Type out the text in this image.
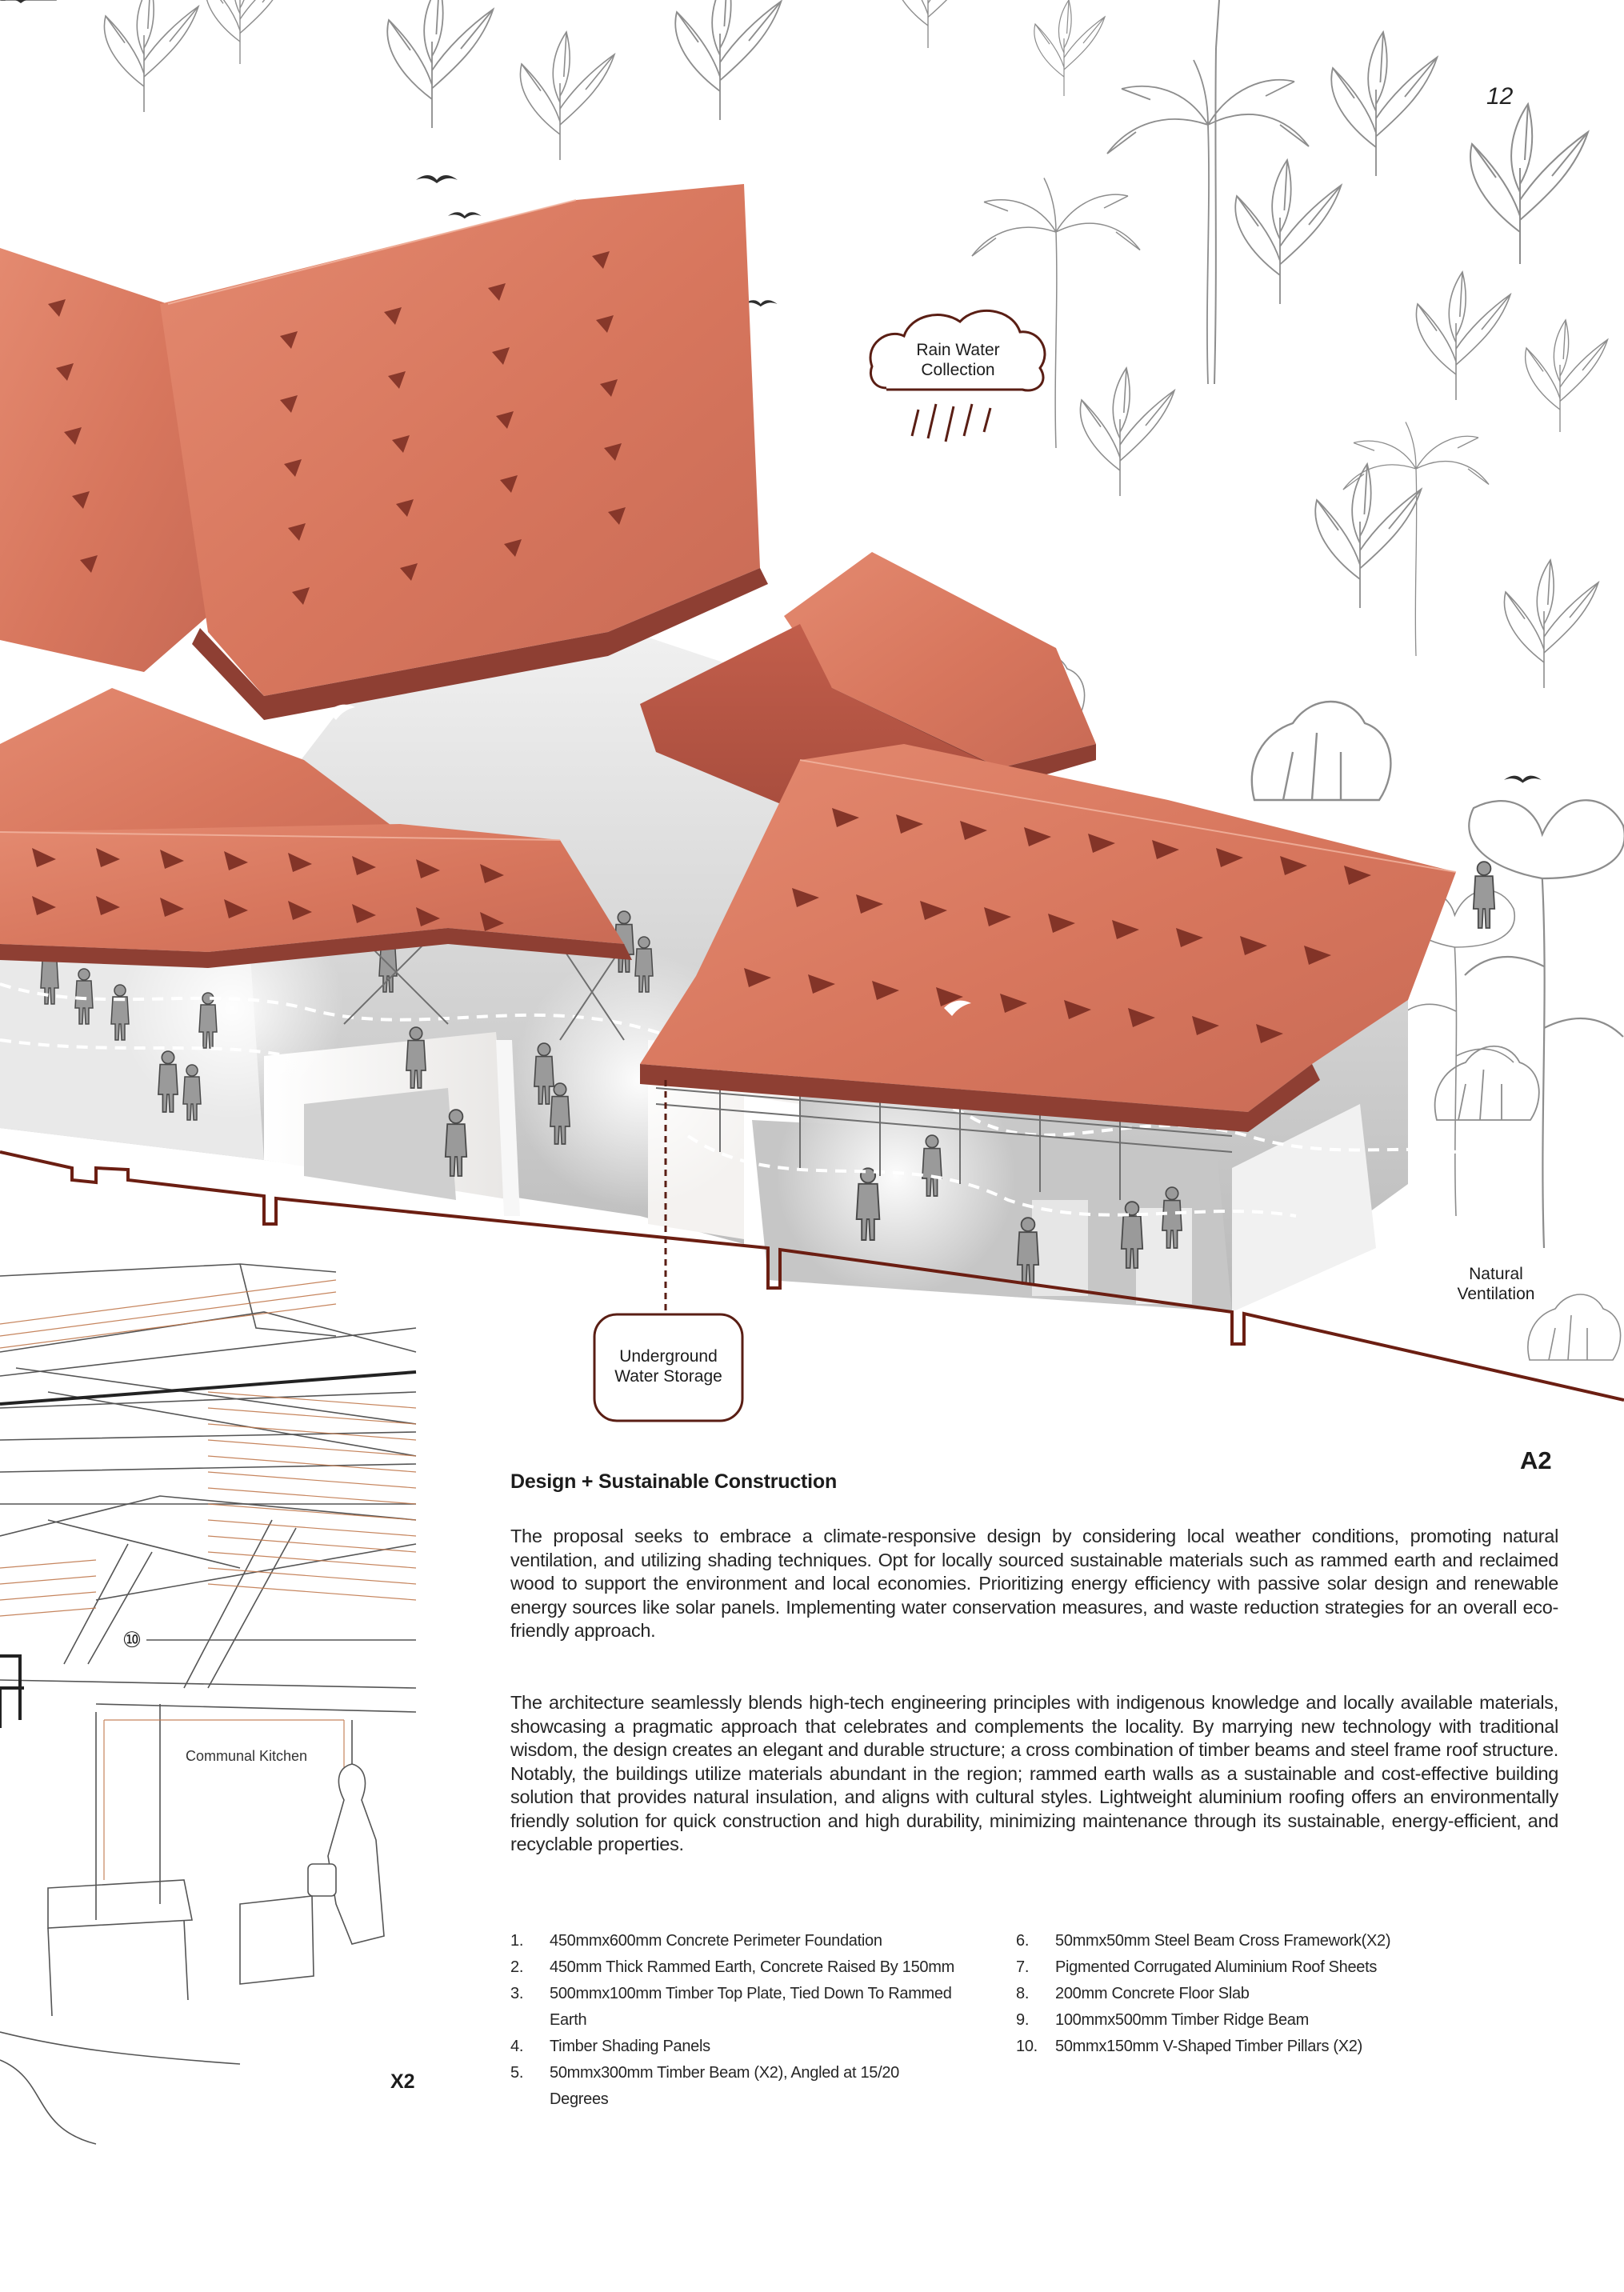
12
Rain Water
Collection
Underground
Water Storage
Natural
Ventilation
⑩
Communal Kitchen
A2
X2
Design + Sustainable Construction

The proposal seeks to embrace a climate-responsive design by considering local weather conditions, promoting natural ventilation, and utilizing shading techniques. Opt for locally sourced sustainable materials such as rammed earth and reclaimed wood to support the environment and local economies. Prioritizing energy efficiency with passive solar design and renewable energy sources like solar panels. Implementing water conservation measures, and waste reduction strategies for an overall eco-friendly approach.

The architecture seamlessly blends high-tech engineering principles with indigenous knowledge and locally available materials, showcasing a pragmatic approach that celebrates and complements the locality. By marrying new technology with traditional wisdom, the design creates an elegant and durable structure; a cross combination of timber beams and steel frame roof structure. Notably, the buildings utilize materials abundant in the region; rammed earth walls as a sustainable and cost-effective building solution that provides natural insulation, and aligns with cultural styles. Lightweight aluminium roofing offers an environmentally friendly solution for quick construction and high durability, minimizing maintenance through its sustainable, energy-efficient, and recyclable properties.

1. 450mmx600mm Concrete Perimeter Foundation
2. 450mm Thick Rammed Earth, Concrete Raised By 150mm
3. 500mmx100mm Timber Top Plate, Tied Down To Rammed Earth
4. Timber Shading Panels
5. 50mmx300mm Timber Beam (X2), Angled at 15/20 Degrees
6. 50mmx50mm Steel Beam Cross Framework(X2)
7. Pigmented Corrugated Aluminium Roof Sheets
8. 200mm Concrete Floor Slab
9. 100mmx500mm Timber Ridge Beam
10. 50mmx150mm V-Shaped Timber Pillars (X2)
